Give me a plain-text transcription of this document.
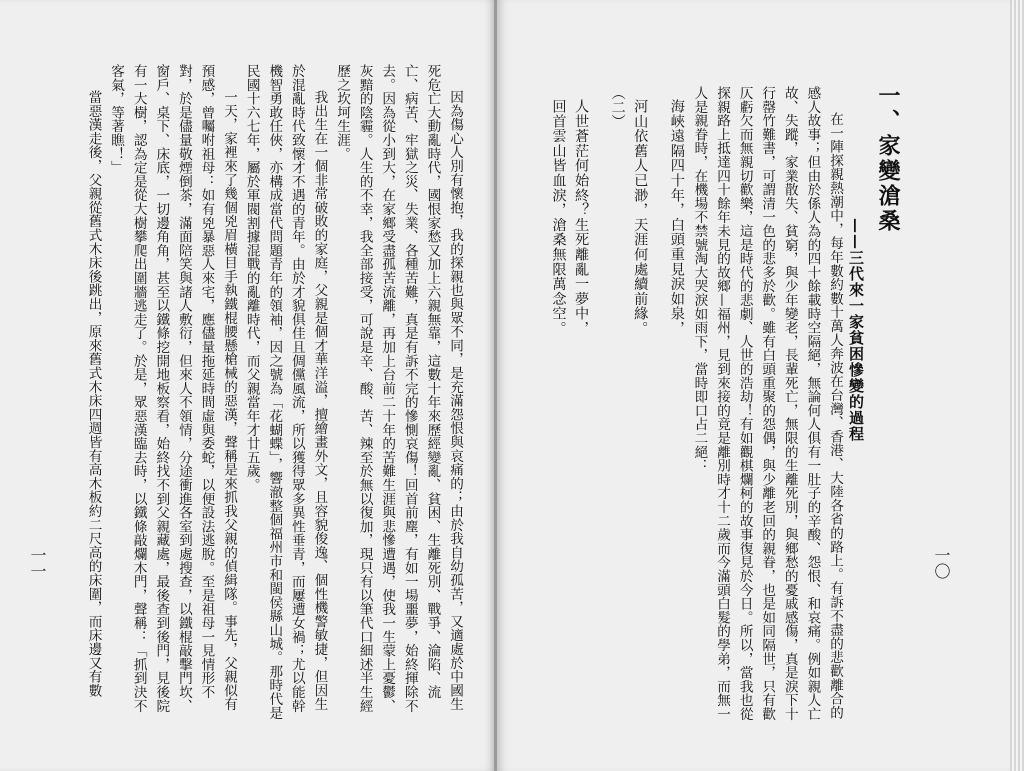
因為傷心人別有懷抱，我的探親也與眾不同，是充滿怨恨與哀痛的；由於我自幼孤苦，又適處於中國生死危亡大動亂時代，國恨家愁又加上六親無靠，這數十年來歷經變亂、貧困、生離死別、戰爭、淪陷、流亡、病苦、牢獄之災、失業、各種苦難，真是有訴不完的慘惻哀傷！回首前塵，有如一場噩夢，始終揮除不去。因為從小到大，在家鄉受盡孤苦流離，再加上台前二十年的苦難生涯與悲慘遭遇，使我一生蒙上憂鬱、灰黯的陰霾。人生的不幸，我全部接受，可說是辛、酸、苦、辣至於無以復加，現只有以筆代口細述半生經歷之坎坷生涯。

我出生在一個非常破敗的家庭，父親是個才華洋溢，擅繪畫外文，且容貌俊逸、個性機警敏捷，但因生於混亂時代致懷才不遇的青年。由於才貌俱佳且倜儻風流，所以獲得眾多異性垂青，而屢遭女禍；尤以能幹機智勇敢任俠，亦構成當代問題青年的領袖，因之號為「花蝴蝶」，響澈整個福州市和閩侯縣山城。那時代是民國十六七年，屬於軍閥割據混戰的亂離時代，而父親當年才廿五歲。

一天，家裡來了幾個兇眉橫目手執鐵棍腰懸槍械的惡漢，聲稱是來抓我父親的偵緝隊。事先，父親似有預感，曾囑咐祖母：如有兇暴惡人來宅，應儘量拖延時間虛與委蛇，以便設法逃脫。至是祖母一見情形不對，於是儘量敬煙倒茶，滿面陪笑與諸人敷衍，但來人不領情，分途衝進各室到處搜查，以鐵棍敲擊門坎、窗戶、桌下、床底，一切邊角角，甚至以鐵條挖開地板察看，始終找不到父親藏處，最後查到後門，見後院有一大樹，認為定是從大樹攀爬出圍牆逃走了。於是，眾惡漢臨去時，以鐵條敲爛木門，聲稱：「抓到決不客氣，等著瞧！」

當惡漢走後，父親從舊式木床後跳出，原來舊式木床四週皆有高木板約二尺高的床圍，而床邊又有數

一一
一、家變滄桑
——三代來一家貧困慘變的過程

在一陣探親熱潮中，每年數約數十萬人奔波在台灣、香港、大陸各省的路上。有訴不盡的悲歡離合的感人故事；但由於係人為的四十餘載時空隔絕，無論何人俱有一肚子的辛酸、怨恨、和哀痛。例如親人亡故、失蹤，家業散失、貧窮，與少年變老，長輩死亡，無限的生離死別，與鄉愁的憂戚感傷，真是淚下十行罄竹難書，可謂清一色的悲多於歡。雖有白頭重聚的怨偶，與少離老回的親眷，也是如同隔世，只有歡仄虧欠而無親切歡樂，這是時代的悲劇、人世的浩劫！有如觀棋爛柯的故事復見於今日。所以，當我也從探親路上抵達四十餘年未見的故鄉—福州，見到來接的竟是離別時才十二歲而今滿頭白髮的學弟，而無一人是親眷時，在機場不禁號淘大哭淚如雨下，當時即口占二絕：

海峽遠隔四十年，白頭重見淚如泉，

河山依舊人已渺，天涯何處續前緣。

（二）

人世蒼茫何始終？生死離亂一夢中，

回首雲山皆血淚，滄桑無限萬念空。

一〇
